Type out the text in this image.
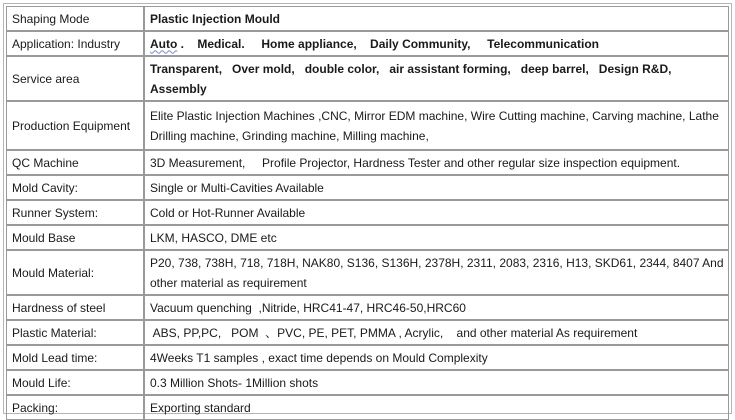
Shaping Mode	Plastic Injection Mould
Application: Industry	Auto .    Medical.     Home appliance,    Daily Community,     Telecommunication
Service area	Transparent,   Over mold,   double color,   air assistant forming,   deep barrel,   Design R&D, Assembly
Production Equipment	Elite Plastic Injection Machines ,CNC, Mirror EDM machine, Wire Cutting machine, Carving machine, Lathe Drilling machine, Grinding machine, Milling machine,
QC Machine	3D Measurement,     Profile Projector, Hardness Tester and other regular size inspection equipment.
Mold Cavity:	Single or Multi-Cavities Available
Runner System:	Cold or Hot-Runner Available
Mould Base	LKM, HASCO, DME etc
Mould Material:	P20, 738, 738H, 718, 718H, NAK80, S136, S136H, 2378H, 2311, 2083, 2316, H13, SKD61, 2344, 8407 And other material as requirement
Hardness of steel	Vacuum quenching  ,Nitride, HRC41-47, HRC46-50,HRC60
Plastic Material:	ABS, PP,PC,   POM  、PVC, PE, PET, PMMA , Acrylic,    and other material As requirement
Mold Lead time:	4Weeks T1 samples , exact time depends on Mould Complexity
Mould Life:	0.3 Million Shots- 1Million shots
Packing:	Exporting standard
